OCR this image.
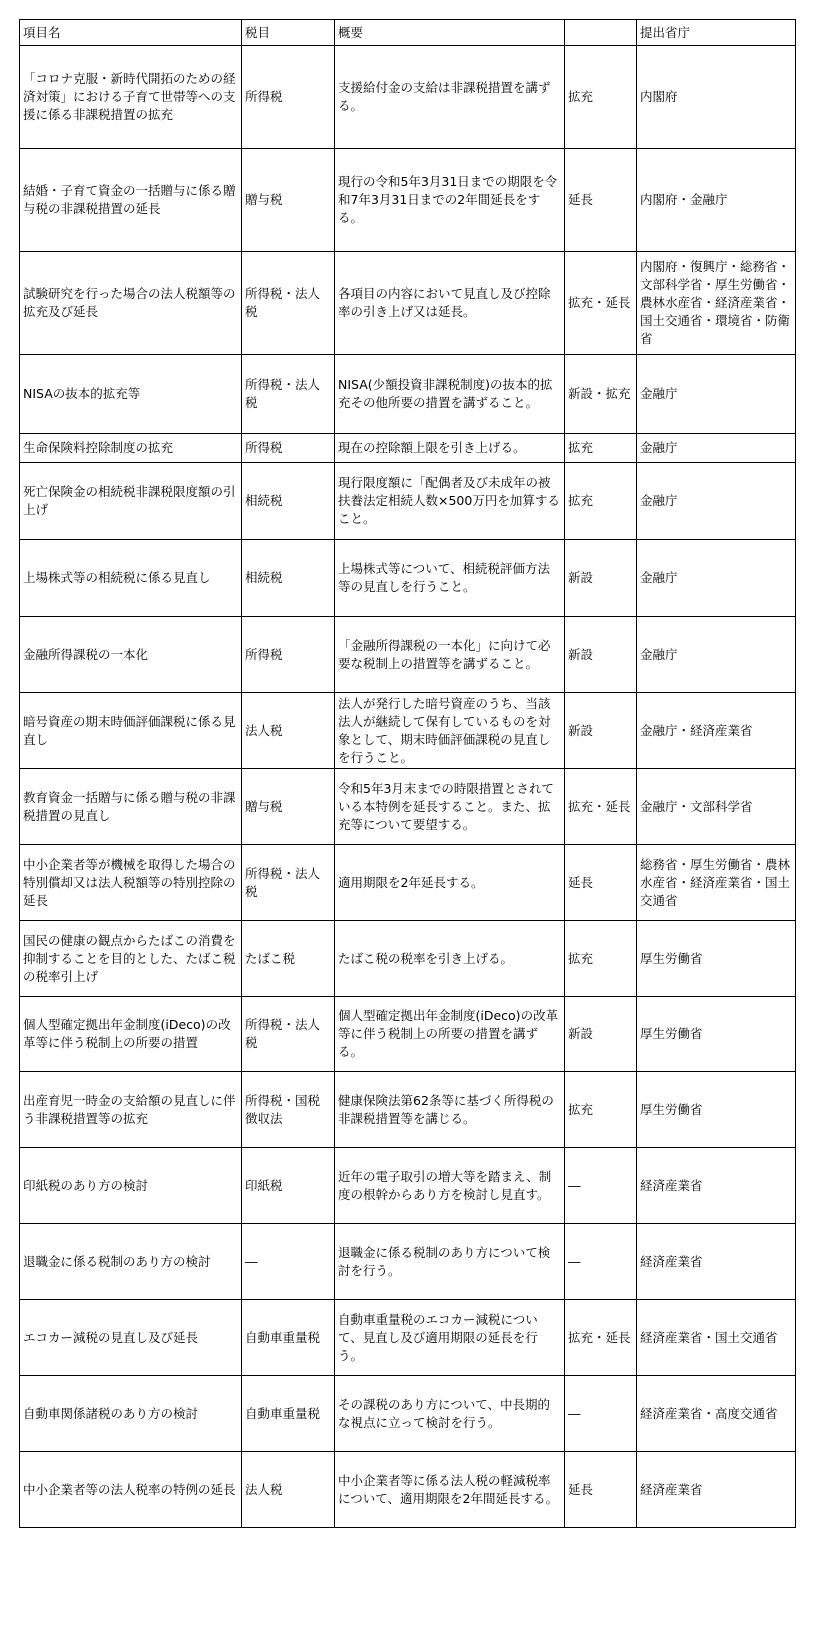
項目名	税目	概要		提出省庁
「コロナ克服・新時代開拓のための経済対策」における子育て世帯等への支援に係る非課税措置の拡充	所得税	支援給付金の支給は非課税措置を講ずる。	拡充	内閣府
結婚・子育て資金の一括贈与に係る贈与税の非課税措置の延長	贈与税	現行の令和5年3月31日までの期限を令和7年3月31日までの2年間延長をする。	延長	内閣府・金融庁
試験研究を行った場合の法人税額等の拡充及び延長	所得税・法人税	各項目の内容において見直し及び控除率の引き上げ又は延長。	拡充・延長	内閣府・復興庁・総務省・文部科学省・厚生労働省・農林水産省・経済産業省・国土交通省・環境省・防衛省
NISAの抜本的拡充等	所得税・法人税	NISA(少額投資非課税制度)の抜本的拡充その他所要の措置を講ずること。	新設・拡充	金融庁
生命保険料控除制度の拡充	所得税	現在の控除額上限を引き上げる。	拡充	金融庁
死亡保険金の相続税非課税限度額の引上げ	相続税	現行限度額に「配偶者及び未成年の被扶養法定相続人数×500万円を加算すること。	拡充	金融庁
上場株式等の相続税に係る見直し	相続税	上場株式等について、相続税評価方法等の見直しを行うこと。	新設	金融庁
金融所得課税の一本化	所得税	「金融所得課税の一本化」に向けて必要な税制上の措置等を講ずること。	新設	金融庁
暗号資産の期末時価評価課税に係る見直し	法人税	法人が発行した暗号資産のうち、当該法人が継続して保有しているものを対象として、期末時価評価課税の見直しを行うこと。	新設	金融庁・経済産業省
教育資金一括贈与に係る贈与税の非課税措置の見直し	贈与税	令和5年3月末までの時限措置とされている本特例を延長すること。また、拡充等について要望する。	拡充・延長	金融庁・文部科学省
中小企業者等が機械を取得した場合の特別償却又は法人税額等の特別控除の延長	所得税・法人税	適用期限を2年延長する。	延長	総務省・厚生労働省・農林水産省・経済産業省・国土交通省
国民の健康の観点からたばこの消費を抑制することを目的とした、たばこ税の税率引上げ	たばこ税	たばこ税の税率を引き上げる。	拡充	厚生労働省
個人型確定拠出年金制度(iDeco)の改革等に伴う税制上の所要の措置	所得税・法人税	個人型確定拠出年金制度(iDeco)の改革等に伴う税制上の所要の措置を講ずる。	新設	厚生労働省
出産育児一時金の支給額の見直しに伴う非課税措置等の拡充	所得税・国税徴収法	健康保険法第62条等に基づく所得税の非課税措置等を講じる。	拡充	厚生労働省
印紙税のあり方の検討	印紙税	近年の電子取引の増大等を踏まえ、制度の根幹からあり方を検討し見直す。	―	経済産業省
退職金に係る税制のあり方の検討	―	退職金に係る税制のあり方について検討を行う。	―	経済産業省
エコカー減税の見直し及び延長	自動車重量税	自動車重量税のエコカー減税について、見直し及び適用期限の延長を行う。	拡充・延長	経済産業省・国土交通省
自動車関係諸税のあり方の検討	自動車重量税	その課税のあり方について、中長期的な視点に立って検討を行う。	―	経済産業省・高度交通省
中小企業者等の法人税率の特例の延長	法人税	中小企業者等に係る法人税の軽減税率について、適用期限を2年間延長する。	延長	経済産業省
